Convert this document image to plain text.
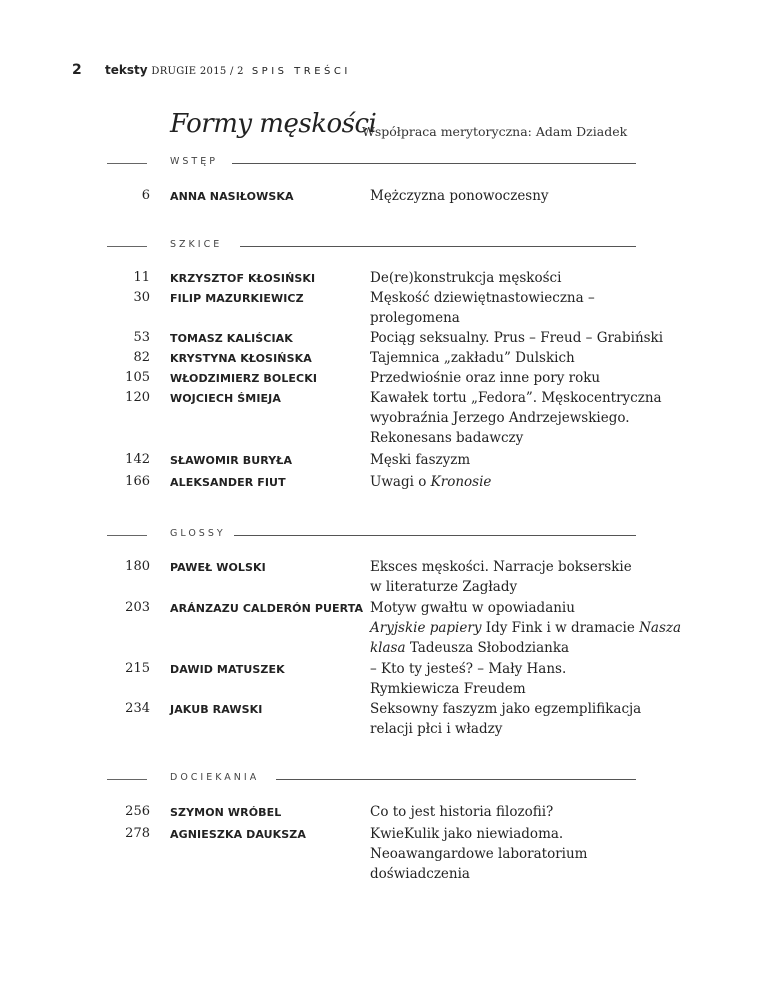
2 teksty DRUGIE 2015 / 2 SPIS TREŚCI
Formy męskości
Współpraca merytoryczna: Adam Dziadek
WSTĘP
6 ANNA NASIŁOWSKA	Mężczyzna ponowoczesny
SZKICE
11 KRZYSZTOF KŁOSIŃSKI	De(re)konstrukcja męskości
30 FILIP MAZURKIEWICZ	Męskość dziewiętnastowieczna –
prolegomena
53 TOMASZ KALIŚCIAK	Pociąg seksualny. Prus – Freud – Grabiński
82 KRYSTYNA KŁOSIŃSKA	Tajemnica „zakładu” Dulskich
105 WŁODZIMIERZ BOLECKI	Przedwiośnie oraz inne pory roku
120 WOJCIECH ŚMIEJA	Kawałek tortu „Fedora”. Męskocentryczna
wyobraźnia Jerzego Andrzejewskiego.
Rekonesans badawczy
142 SŁAWOMIR BURYŁA	Męski faszyzm
166 ALEKSANDER FIUT	Uwagi o Kronosie
GLOSSY
180 PAWEŁ WOLSKI	Eksces męskości. Narracje bokserskie
w literaturze Zagłady
203 ARÁNZAZU CALDERÓN PUERTA Motyw gwałtu w opowiadaniu
Aryjskie papiery Idy Fink i w dramacie Nasza
klasa Tadeusza Słobodzianka
215 DAWID MATUSZEK	– Kto ty jesteś? – Mały Hans.
Rymkiewicza Freudem
234 JAKUB RAWSKI	Seksowny faszyzm jako egzemplifikacja
relacji płci i władzy
DOCIEKANIA
256 SZYMON WRÓBEL	Co to jest historia filozofii?
278 AGNIESZKA DAUKSZA	KwieKulik jako niewiadoma.
Neoawangardowe laboratorium
doświadczenia
